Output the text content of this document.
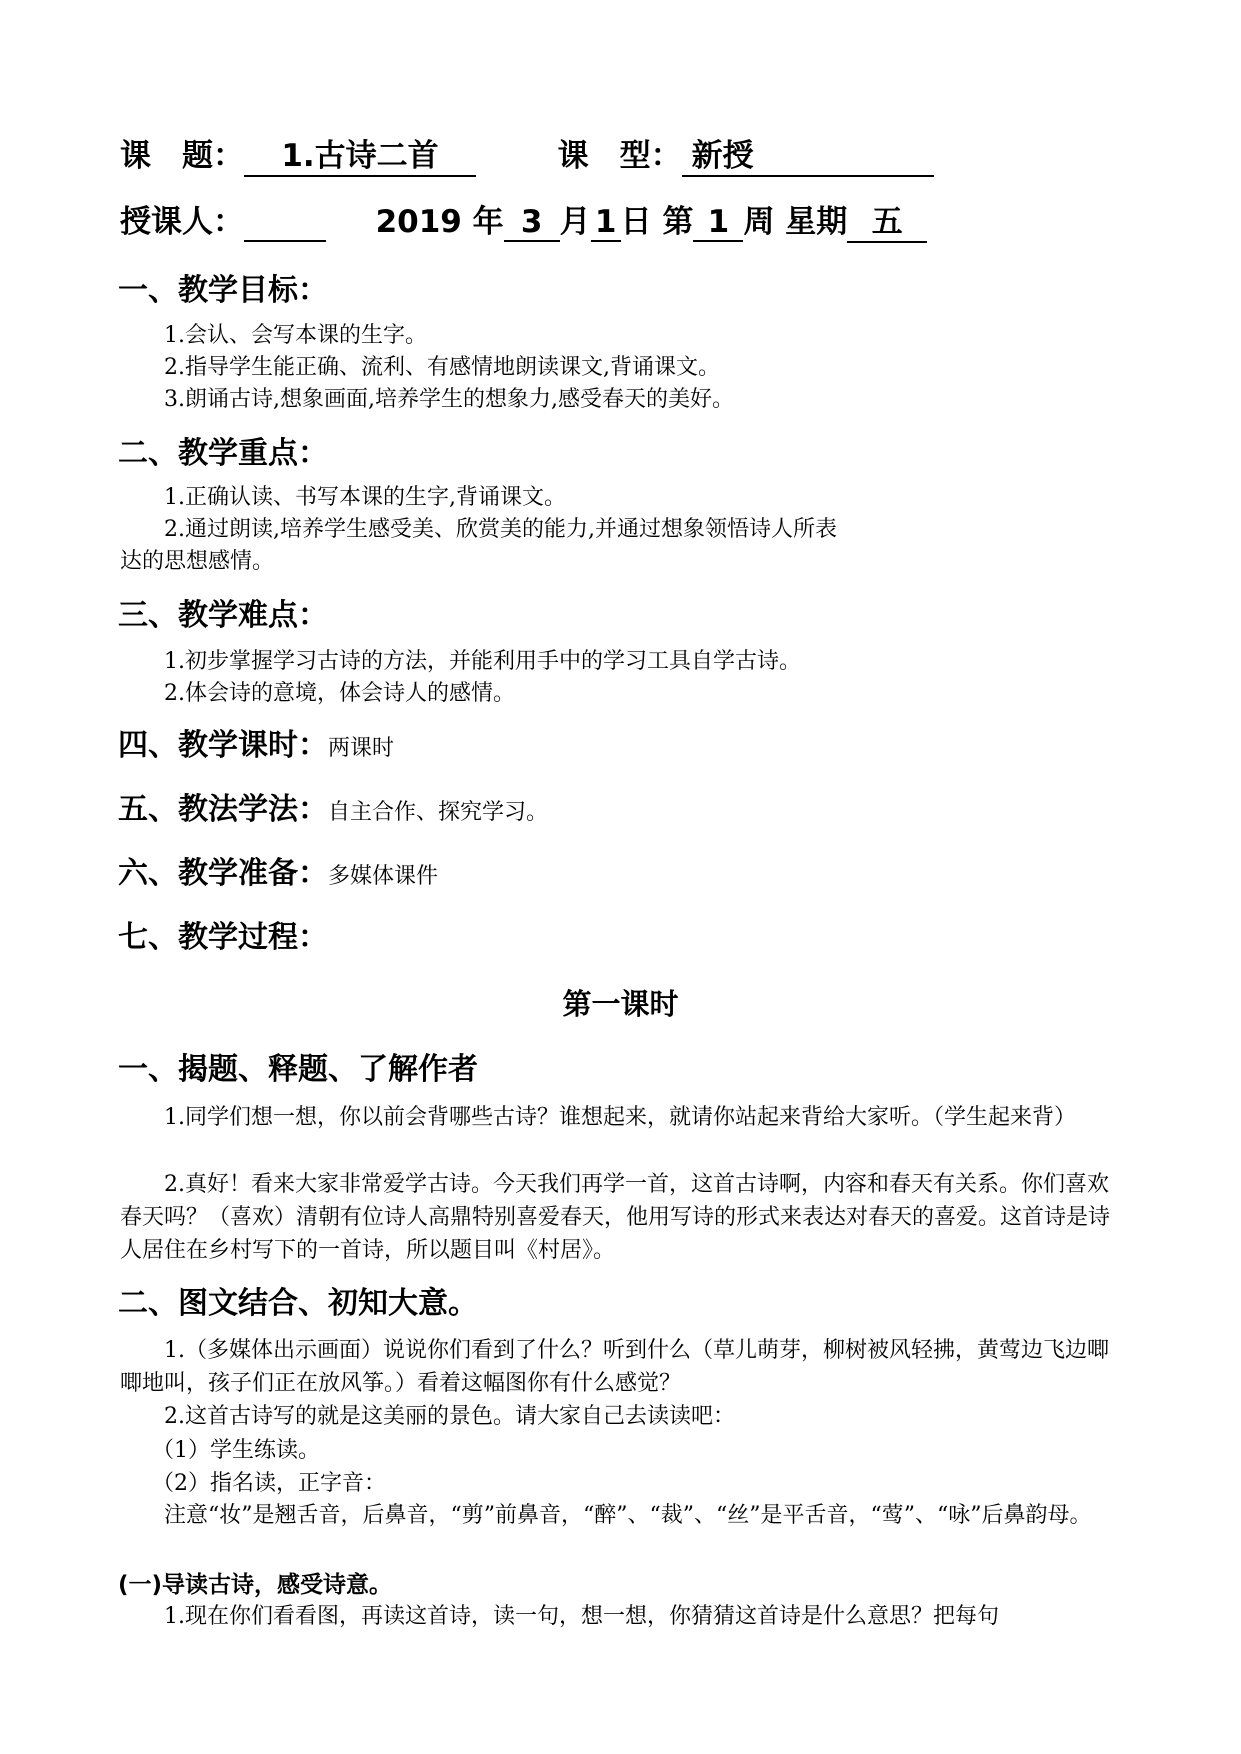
课　题： 1.古诗二首	课　型： 新授
授课人：	2019 年 3 月 1 日 第 1 周 星期 五
一、教学目标：
1.会认、会写本课的生字。
2.指导学生能正确、流利、有感情地朗读课文,背诵课文。
3.朗诵古诗,想象画面,培养学生的想象力,感受春天的美好。
二、教学重点：
1.正确认读、书写本课的生字,背诵课文。
2.通过朗读,培养学生感受美、欣赏美的能力,并通过想象领悟诗人所表
达的思想感情。
三、教学难点：
1.初步掌握学习古诗的方法，并能利用手中的学习工具自学古诗。
2.体会诗的意境，体会诗人的感情。
四、教学课时：两课时
五、教法学法：自主合作、探究学习。
六、教学准备：多媒体课件
七、教学过程：
第一课时
一、揭题、释题、了解作者
1.同学们想一想，你以前会背哪些古诗？谁想起来，就请你站起来背给大家听。（学生起来背）
2.真好！看来大家非常爱学古诗。今天我们再学一首，这首古诗啊，内容和春天有关系。你们喜欢春天吗？（喜欢）清朝有位诗人高鼎特别喜爱春天，他用写诗的形式来表达对春天的喜爱。这首诗是诗人居住在乡村写下的一首诗，所以题目叫《村居》。
二、图文结合、初知大意。
1.（多媒体出示画面）说说你们看到了什么？听到什么（草儿萌芽，柳树被风轻拂，黄莺边飞边唧唧地叫，孩子们正在放风筝。）看着这幅图你有什么感觉？
2.这首古诗写的就是这美丽的景色。请大家自己去读读吧：
（1）学生练读。
（2）指名读，正字音：
注意“妆”是翘舌音，后鼻音，“剪”前鼻音，“醉”、“裁”、“丝”是平舌音，“莺”、“咏”后鼻韵母。
(一)导读古诗，感受诗意。
1.现在你们看看图，再读这首诗，读一句，想一想，你猜猜这首诗是什么意思？把每句
